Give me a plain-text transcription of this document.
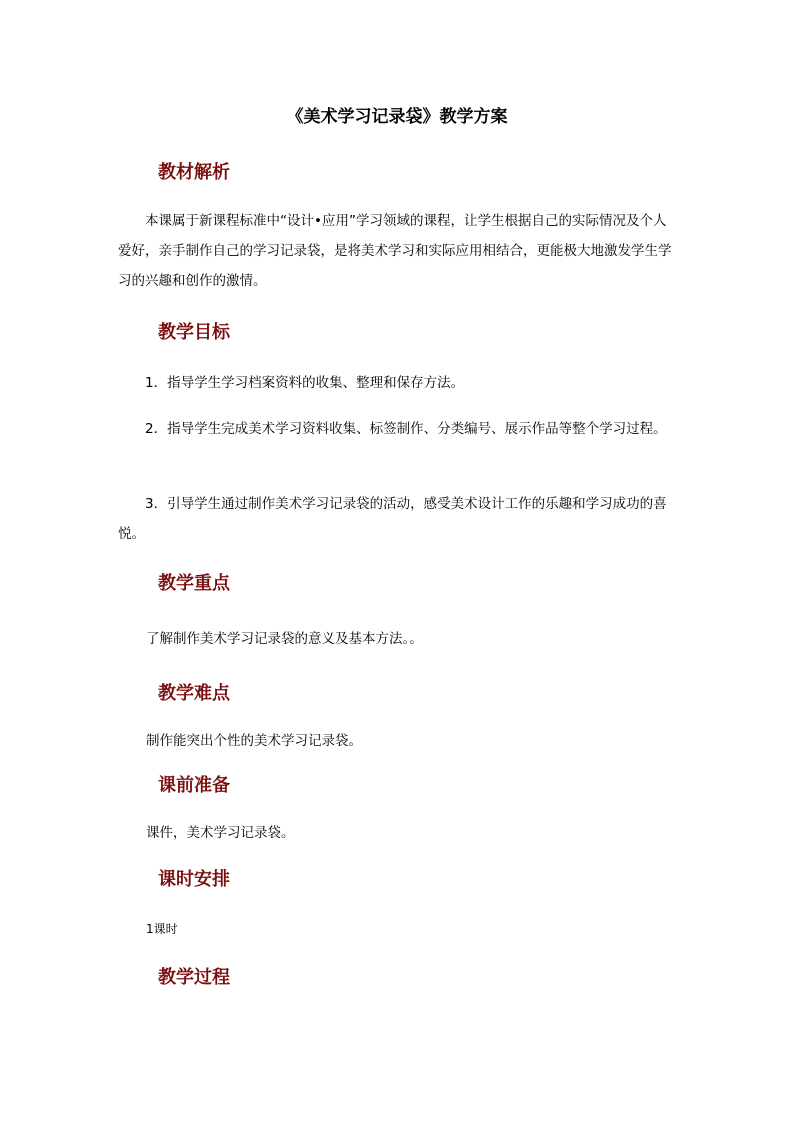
《美术学习记录袋》教学方案
教材解析
本课属于新课程标准中“设计•应用”学习领域的课程，让学生根据自己的实际情况及个人爱好，亲手制作自己的学习记录袋，是将美术学习和实际应用相结合，更能极大地激发学生学习的兴趣和创作的激情。
教学目标
1．指导学生学习档案资料的收集、整理和保存方法。
2．指导学生完成美术学习资料收集、标签制作、分类编号、展示作品等整个学习过程。
3．引导学生通过制作美术学习记录袋的活动，感受美术设计工作的乐趣和学习成功的喜悦。
教学重点
了解制作美术学习记录袋的意义及基本方法。。
教学难点
制作能突出个性的美术学习记录袋。
课前准备
课件，美术学习记录袋。
课时安排
1课时
教学过程
